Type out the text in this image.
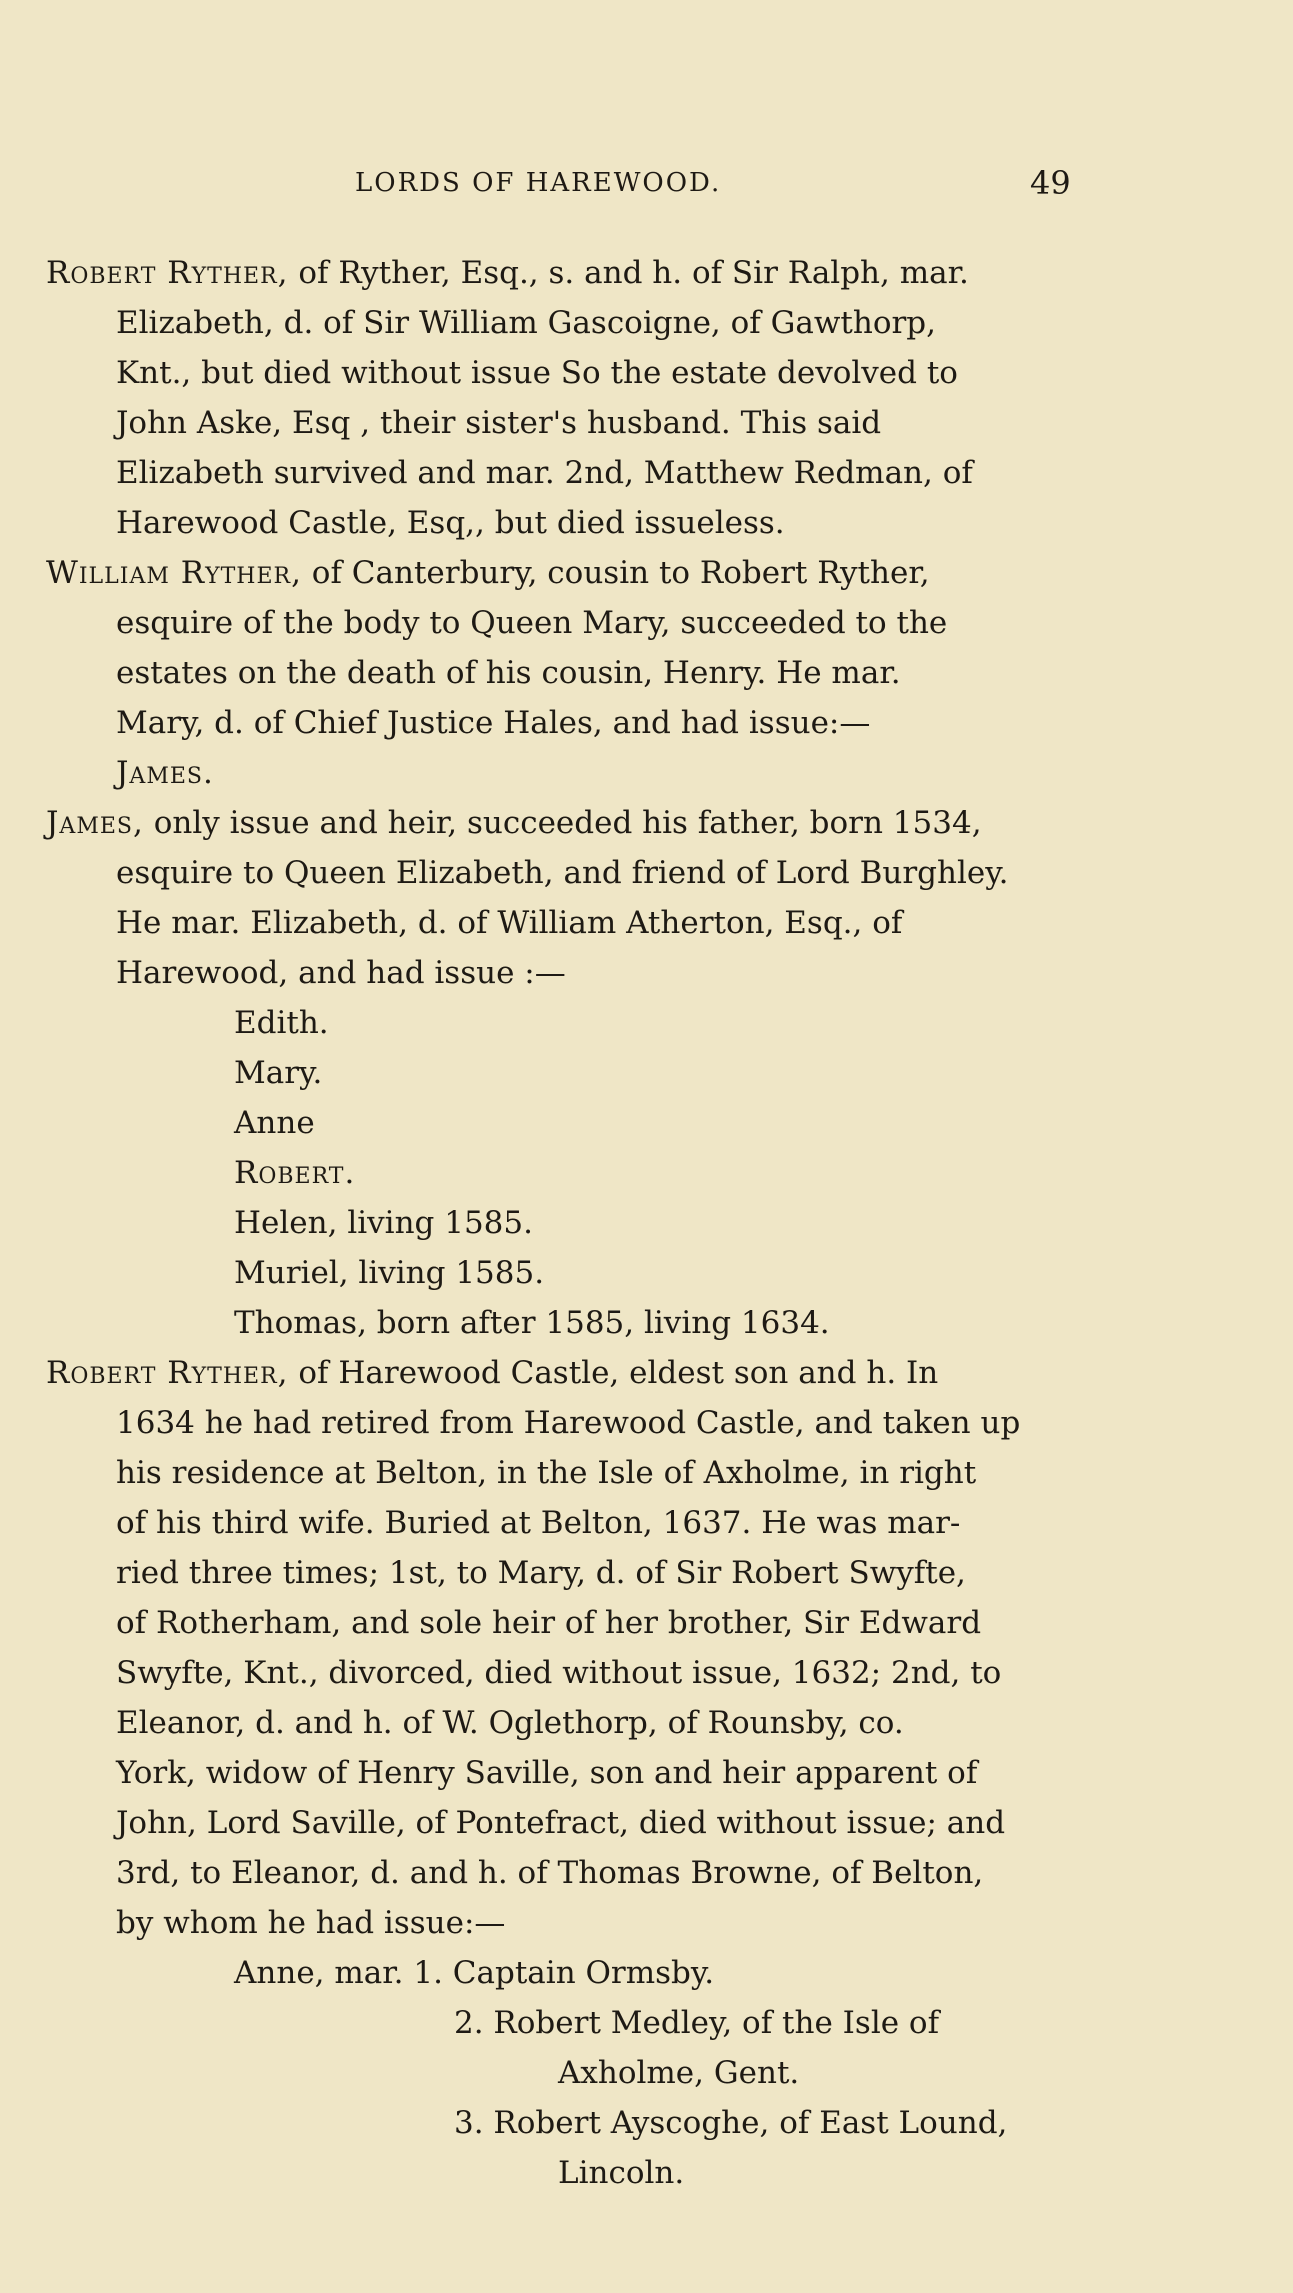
LORDS OF HAREWOOD.	49

Robert Ryther, of Ryther, Esq., s. and h. of Sir Ralph, mar.

Elizabeth, d. of Sir William Gascoigne, of Gawthorp,

Knt., but died without issue So the estate devolved to

John Aske, Esq , their sister's husband. This said

Elizabeth survived and mar. 2nd, Matthew Redman, of

Harewood Castle, Esq,, but died issueless.

William Ryther, of Canterbury, cousin to Robert Ryther,

esquire of the body to Queen Mary, succeeded to the

estates on the death of his cousin, Henry. He mar.

Mary, d. of Chief Justice Hales, and had issue:—

James.

James, only issue and heir, succeeded his father, born 1534,

esquire to Queen Elizabeth, and friend of Lord Burghley.

He mar. Elizabeth, d. of William Atherton, Esq., of

Harewood, and had issue :—

Edith.

Mary.

Anne

Robert.

Helen, living 1585.

Muriel, living 1585.

Thomas, born after 1585, living 1634.

Robert Ryther, of Harewood Castle, eldest son and h. In

1634 he had retired from Harewood Castle, and taken up

his residence at Belton, in the Isle of Axholme, in right

of his third wife. Buried at Belton, 1637. He was mar-

ried three times; 1st, to Mary, d. of Sir Robert Swyfte,

of Rotherham, and sole heir of her brother, Sir Edward

Swyfte, Knt., divorced, died without issue, 1632; 2nd, to

Eleanor, d. and h. of W. Oglethorp, of Rounsby, co.

York, widow of Henry Saville, son and heir apparent of

John, Lord Saville, of Pontefract, died without issue; and

3rd, to Eleanor, d. and h. of Thomas Browne, of Belton,

by whom he had issue:—

Anne, mar. 1. Captain Ormsby.

2. Robert Medley, of the Isle of

Axholme, Gent.

3. Robert Ayscoghe, of East Lound,

Lincoln.
